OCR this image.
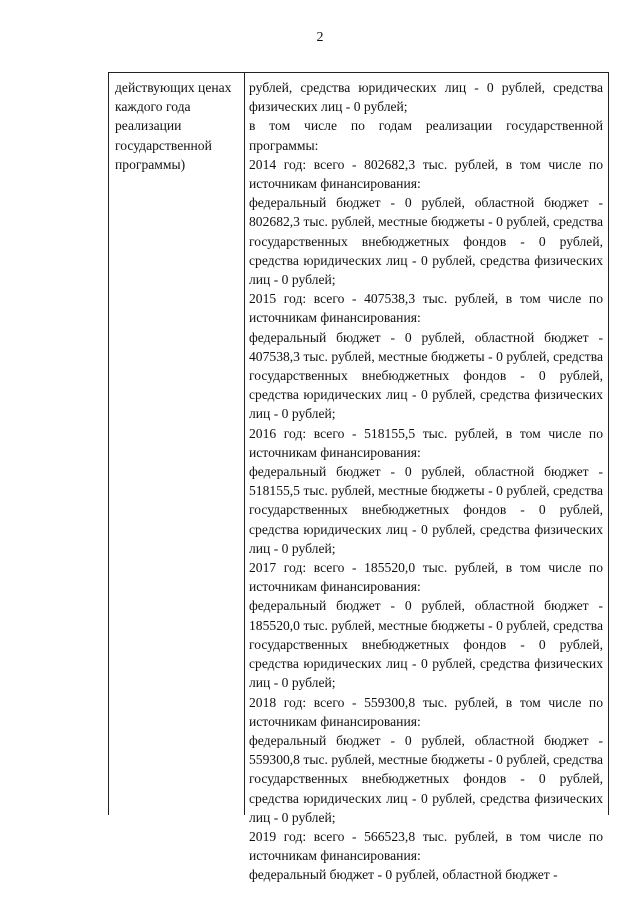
2
действующих ценах каждого года реализации государственной программы)

рублей, средства юридических лиц - 0 рублей, средства физических лиц - 0 рублей;

в том числе по годам реализации государственной программы:

2014 год: всего - 802682,3 тыс. рублей, в том числе по источникам финансирования:

федеральный бюджет - 0 рублей, областной бюджет - 802682,3 тыс. рублей, местные бюджеты - 0 рублей, средства государственных внебюджетных фондов - 0 рублей, средства юридических лиц - 0 рублей, средства физических лиц - 0 рублей;

2015 год: всего - 407538,3 тыс. рублей, в том числе по источникам финансирования:

федеральный бюджет - 0 рублей, областной бюджет - 407538,3 тыс. рублей, местные бюджеты - 0 рублей, средства государственных внебюджетных фондов - 0 рублей, средства юридических лиц - 0 рублей, средства физических лиц - 0 рублей;

2016 год: всего - 518155,5 тыс. рублей, в том числе по источникам финансирования:

федеральный бюджет - 0 рублей, областной бюджет - 518155,5 тыс. рублей, местные бюджеты - 0 рублей, средства государственных внебюджетных фондов - 0 рублей, средства юридических лиц - 0 рублей, средства физических лиц - 0 рублей;

2017 год: всего - 185520,0 тыс. рублей, в том числе по источникам финансирования:

федеральный бюджет - 0 рублей, областной бюджет - 185520,0 тыс. рублей, местные бюджеты - 0 рублей, средства государственных внебюджетных фондов - 0 рублей, средства юридических лиц - 0 рублей, средства физических лиц - 0 рублей;

2018 год: всего - 559300,8 тыс. рублей, в том числе по источникам финансирования:

федеральный бюджет - 0 рублей, областной бюджет - 559300,8 тыс. рублей, местные бюджеты - 0 рублей, средства государственных внебюджетных фондов - 0 рублей, средства юридических лиц - 0 рублей, средства физических лиц - 0 рублей;

2019 год: всего - 566523,8 тыс. рублей, в том числе по источникам финансирования:

федеральный бюджет - 0 рублей, областной бюджет -
